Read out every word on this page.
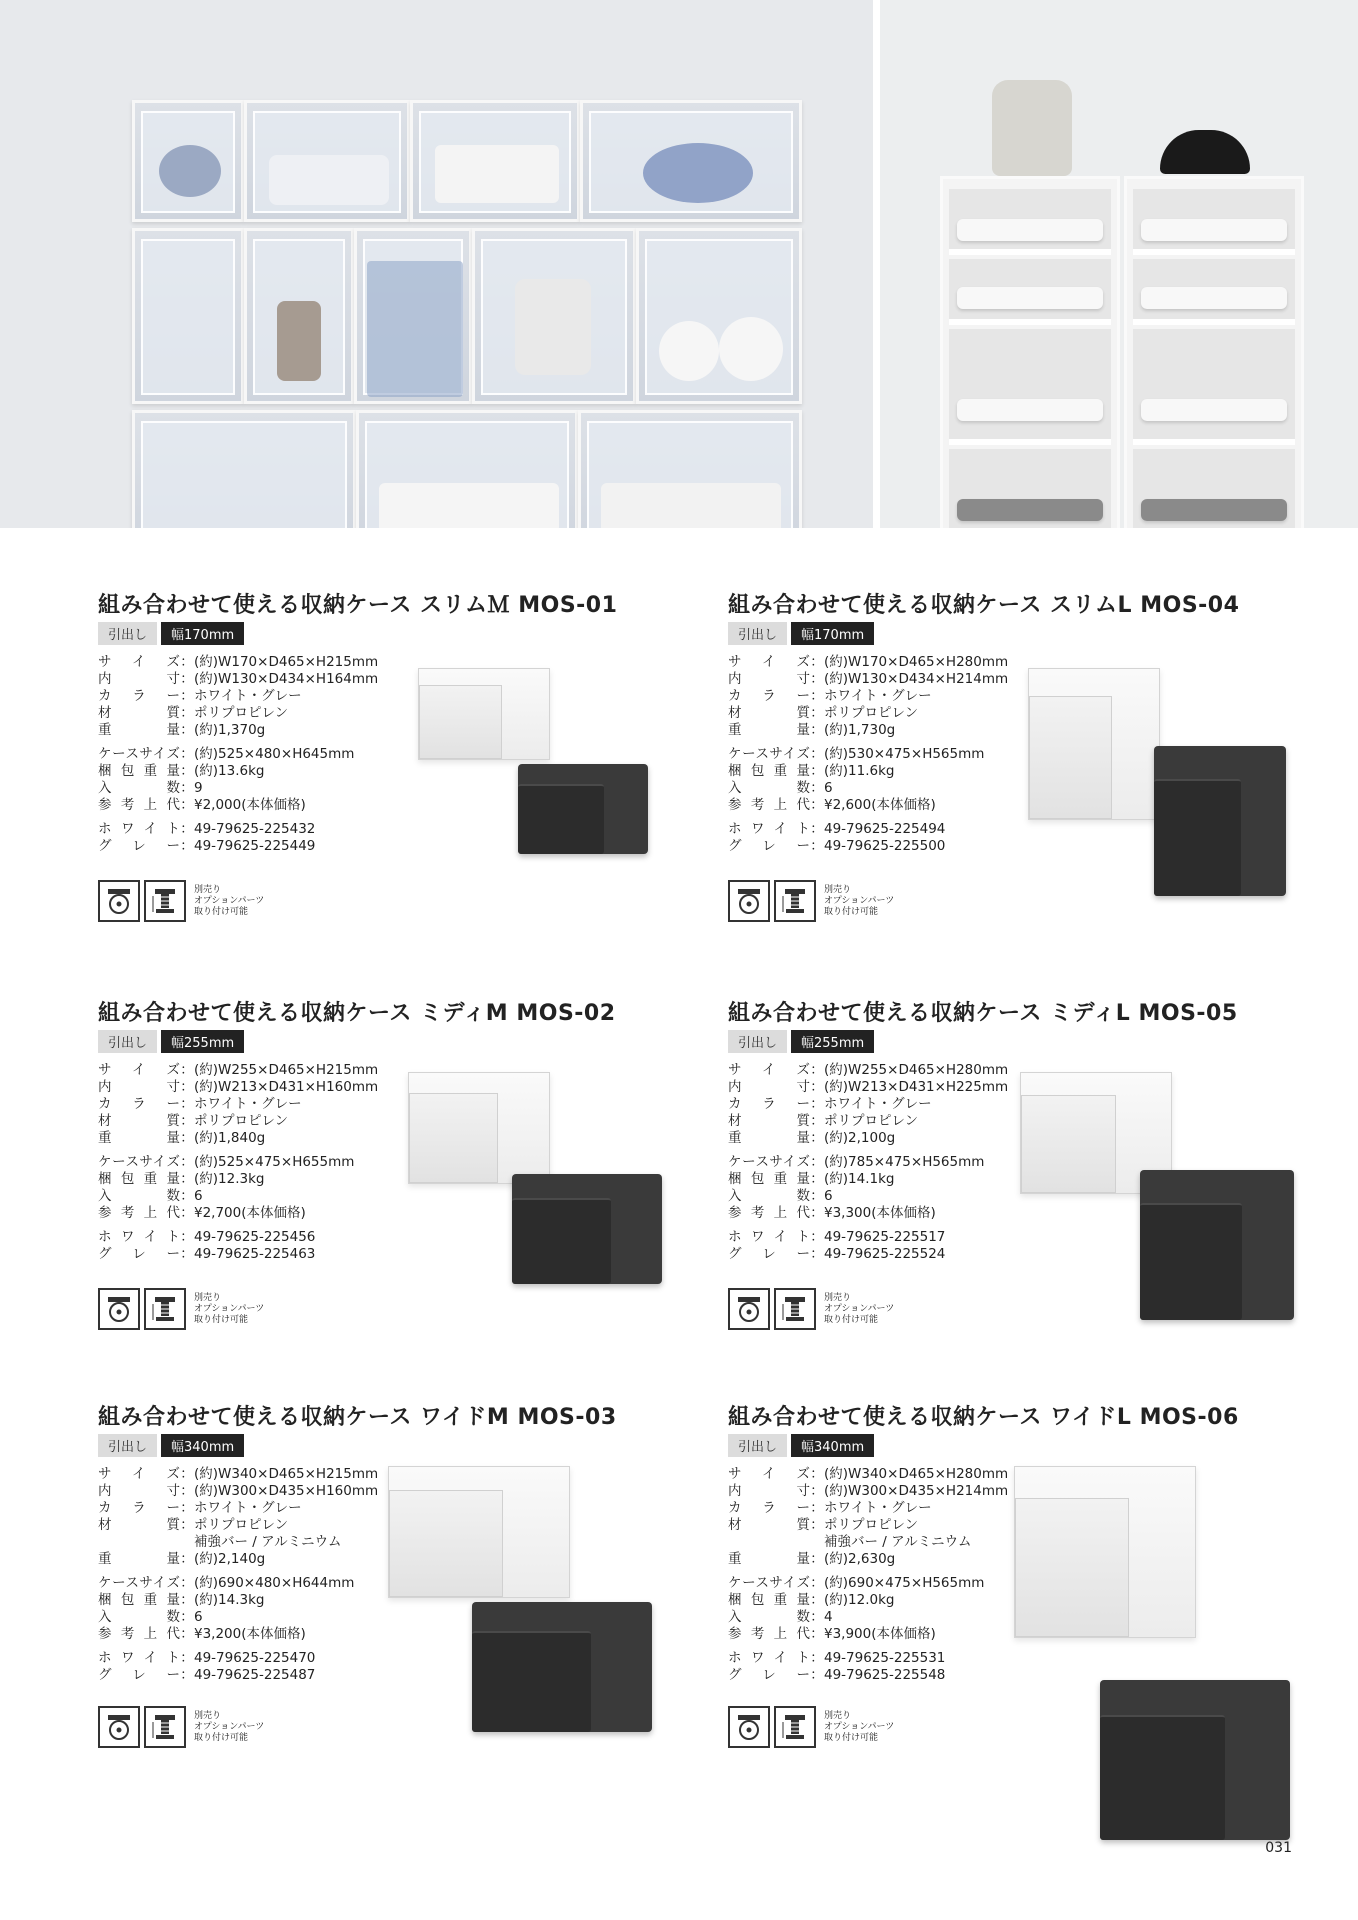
組み合わせて使える収納ケース スリムＭ MOS-01
引出し	幅170mm
サイズ ： (約)W170×D465×H215mm
内　寸 ： (約)W130×D434×H164mm
カラー ： ホワイト・グレー
材　質 ： ポリプロピレン
重　量 ： (約)1,370g
ケースサイズ ： (約)525×480×H645mm
梱包重量 ： (約)13.6kg
入数 ： 9
参考上代 ： ¥2,000(本体価格)
ホワイト ： 49-79625-225432
グレー ： 49-79625-225449
別売り
オプションパーツ
取り付け可能
組み合わせて使える収納ケース スリムL MOS-04
引出し	幅170mm
サイズ ： (約)W170×D465×H280mm
内　寸 ： (約)W130×D434×H214mm
カラー ： ホワイト・グレー
材　質 ： ポリプロピレン
重　量 ： (約)1,730g
ケースサイズ ： (約)530×475×H565mm
梱包重量 ： (約)11.6kg
入数 ： 6
参考上代 ： ¥2,600(本体価格)
ホワイト ： 49-79625-225494
グレー ： 49-79625-225500
別売り
オプションパーツ
取り付け可能
組み合わせて使える収納ケース ミディM MOS-02
引出し	幅255mm
サイズ ： (約)W255×D465×H215mm
内　寸 ： (約)W213×D431×H160mm
カラー ： ホワイト・グレー
材　質 ： ポリプロピレン
重　量 ： (約)1,840g
ケースサイズ ： (約)525×475×H655mm
梱包重量 ： (約)12.3kg
入数 ： 6
参考上代 ： ¥2,700(本体価格)
ホワイト ： 49-79625-225456
グレー ： 49-79625-225463
別売り
オプションパーツ
取り付け可能
組み合わせて使える収納ケース ミディL MOS-05
引出し	幅255mm
サイズ ： (約)W255×D465×H280mm
内　寸 ： (約)W213×D431×H225mm
カラー ： ホワイト・グレー
材　質 ： ポリプロピレン
重　量 ： (約)2,100g
ケースサイズ ： (約)785×475×H565mm
梱包重量 ： (約)14.1kg
入数 ： 6
参考上代 ： ¥3,300(本体価格)
ホワイト ： 49-79625-225517
グレー ： 49-79625-225524
別売り
オプションパーツ
取り付け可能
組み合わせて使える収納ケース ワイドM MOS-03
引出し	幅340mm
サイズ ： (約)W340×D465×H215mm
内　寸 ： (約)W300×D435×H160mm
カラー ： ホワイト・グレー
材　質 ： ポリプロピレン
補強バー / アルミニウム
重　量 ： (約)2,140g
ケースサイズ ： (約)690×480×H644mm
梱包重量 ： (約)14.3kg
入数 ： 6
参考上代 ： ¥3,200(本体価格)
ホワイト ： 49-79625-225470
グレー ： 49-79625-225487
別売り
オプションパーツ
取り付け可能
組み合わせて使える収納ケース ワイドL MOS-06
引出し	幅340mm
サイズ ： (約)W340×D465×H280mm
内　寸 ： (約)W300×D435×H214mm
カラー ： ホワイト・グレー
材　質 ： ポリプロピレン
補強バー / アルミニウム
重　量 ： (約)2,630g
ケースサイズ ： (約)690×475×H565mm
梱包重量 ： (約)12.0kg
入数 ： 4
参考上代 ： ¥3,900(本体価格)
ホワイト ： 49-79625-225531
グレー ： 49-79625-225548
別売り
オプションパーツ
取り付け可能
031
